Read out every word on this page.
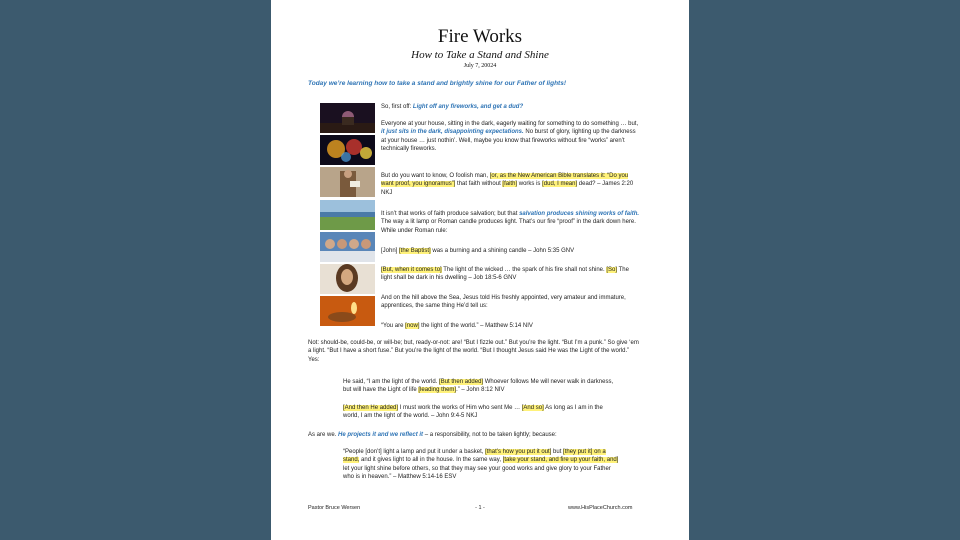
Fire Works
How to Take a Stand and Shine
July 7, 20024
Today we’re learning how to take a stand and brightly shine for our Father of lights!
So, first off: Light off any fireworks, and get a dud?
Everyone at your house, sitting in the dark, eagerly waiting for something to do something … but, it just sits in the dark, disappointing expectations. No burst of glory, lighting up the darkness at your house … just nothin’. Well, maybe you know that fireworks without fire “works” aren’t technically fireworks.
But do you want to know, O foolish man, [or, as the New American Bible translates it: “Do you want proof, you ignoramus”] that faith without [faith] works is [dud, I mean] dead? – James 2:20 NKJ
It isn’t that works of faith produce salvation; but that salvation produces shining works of faith. The way a lit lamp or Roman candle produces light. That’s our fire “proof” in the dark down here. While under Roman rule:
[John] [the Baptist] was a burning and a shining candle – John 5:35 GNV
[But, when it comes to] The light of the wicked … the spark of his fire shall not shine. [So] The light shall be dark in his dwelling – Job 18:5-6 GNV
And on the hill above the Sea, Jesus told His freshly appointed, very amateur and immature, apprentices, the same thing He’d tell us:
“You are [now] the light of the world.” – Matthew 5:14 NIV
Not: should-be, could-be, or will-be; but, ready-or-not: are! “But I fizzle out.” But you’re the light. “But I’m a punk.” So give ‘em a light. “But I have a short fuse.” But you’re the light of the world. “But I thought Jesus said He was the Light of the world.” Yes:
He said, “I am the light of the world. [But then added] Whoever follows Me will never walk in darkness, but will have the Light of life [leading them].” – John 8:12 NIV
[And then He added] I must work the works of Him who sent Me … [And so] As long as I am in the world, I am the light of the world. – John 9:4-5 NKJ
As are we. He projects it and we reflect it – a responsibility, not to be taken lightly; because:
“People [don’t] light a lamp and put it under a basket, [that’s how you put it out] but [they put it] on a stand, and it gives light to all in the house. In the same way, [take your stand, and fire up your faith, and] let your light shine before others, so that they may see your good works and give glory to your Father who is in heaven.” – Matthew 5:14-16 ESV
Pastor Bruce Wersen	- 1 -	www.HisPlaceChurch.com
